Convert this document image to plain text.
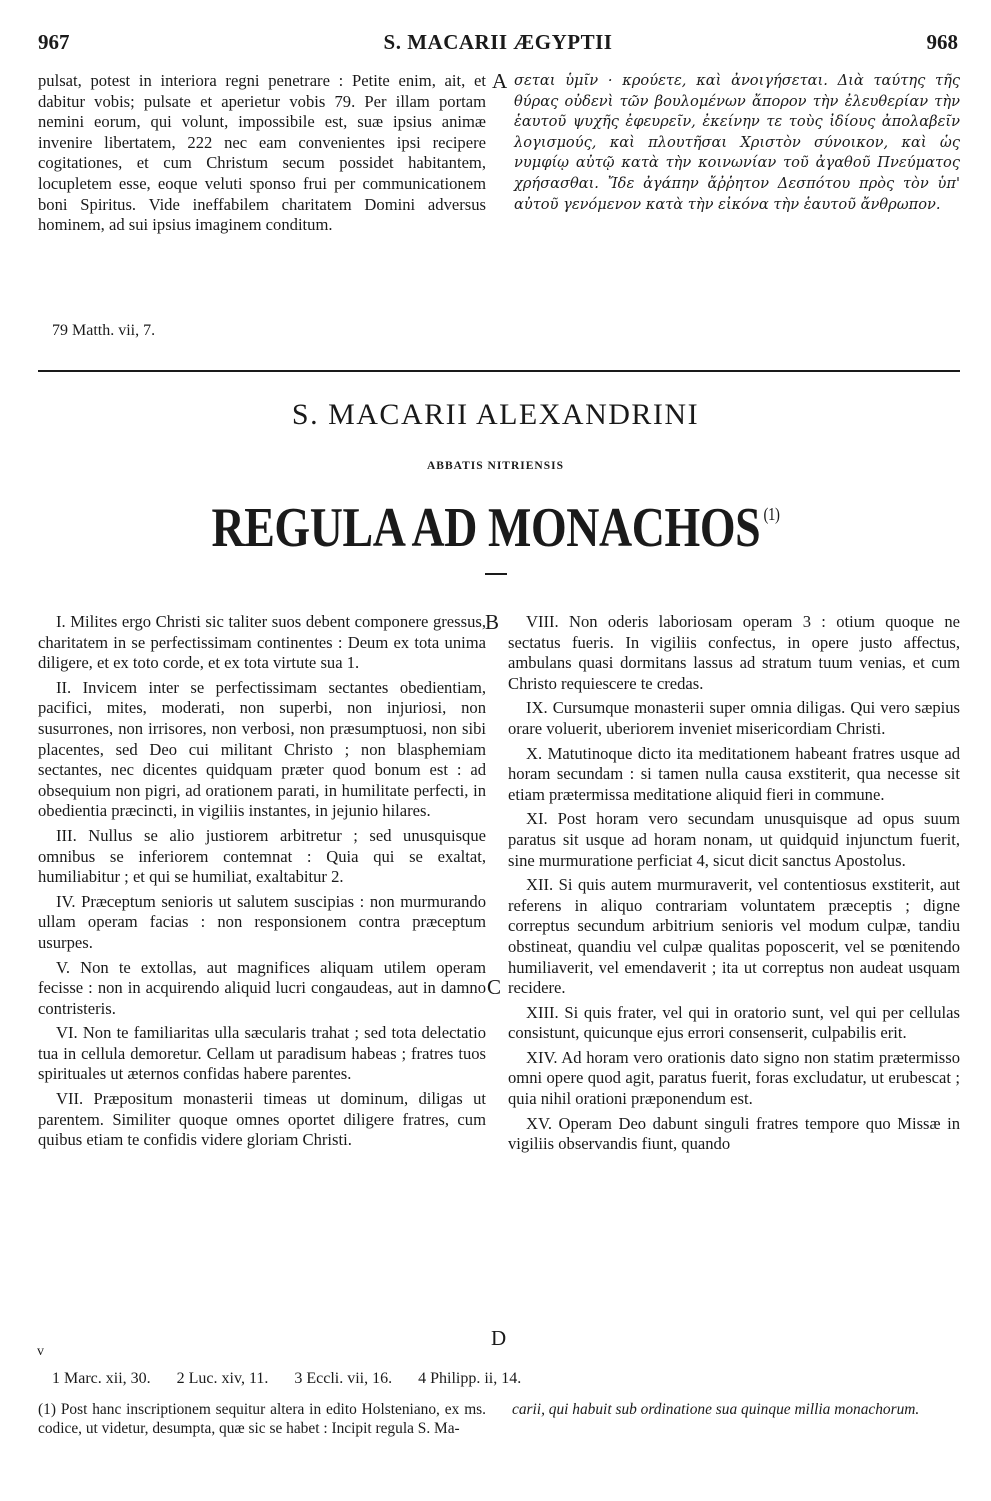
967	S. MACARII ÆGYPTII	968
A
B
C
D
v

pulsat, potest in interiora regni penetrare : Petite enim, ait, et dabitur vobis; pulsate et aperietur vobis 79. Per illam portam nemini eorum, qui volunt, impossibile est, suæ ipsius animæ invenire libertatem, 222 nec eam convenientes ipsi recipere cogitationes, et cum Christum secum possidet habitantem, locupletem esse, eoque veluti sponso frui per communicationem boni Spiritus. Vide ineffabilem charitatem Domini adversus hominem, ad sui ipsius imaginem conditum.

σεται ὑμῖν · κρούετε, καὶ ἀνοιγήσεται. Διὰ ταύτης τῆς θύρας οὐδενὶ τῶν βουλομένων ἄπορον τὴν ἐλευθερίαν τὴν ἑαυτοῦ ψυχῆς ἐφευρεῖν, ἐκείνην τε τοὺς ἰδίους ἀπολαβεῖν λογισμούς, καὶ πλουτῆσαι Χριστὸν σύνοικον, καὶ ὡς νυμφίῳ αὐτῷ κατὰ τὴν κοινωνίαν τοῦ ἀγαθοῦ Πνεύματος χρήσασθαι. Ἴδε ἀγάπην ἄῤῥητον Δεσπότου πρὸς τὸν ὑπ' αὐτοῦ γενόμενον κατὰ τὴν εἰκόνα τὴν ἑαυτοῦ ἄνθρωπον.

79 Matth. vii, 7.
S. MACARII ALEXANDRINI
ABBATIS NITRIENSIS
REGULA AD MONACHOS $^{(1)}$

I. Milites ergo Christi sic taliter suos debent componere gressus, charitatem in se perfectissimam continentes : Deum ex tota unima diligere, et ex toto corde, et ex tota virtute sua 1.

II. Invicem inter se perfectissimam sectantes obedientiam, pacifici, mites, moderati, non superbi, non injuriosi, non susurrones, non irrisores, non verbosi, non præsumptuosi, non sibi placentes, sed Deo cui militant Christo ; non blasphemiam sectantes, nec dicentes quidquam præter quod bonum est : ad obsequium non pigri, ad orationem parati, in humilitate perfecti, in obedientia præcincti, in vigiliis instantes, in jejunio hilares.

III. Nullus se alio justiorem arbitretur ; sed unusquisque omnibus se inferiorem contemnat : Quia qui se exaltat, humiliabitur ; et qui se humiliat, exaltabitur 2.

IV. Præceptum senioris ut salutem suscipias : non murmurando ullam operam facias : non responsionem contra præceptum usurpes.

V. Non te extollas, aut magnifices aliquam utilem operam fecisse : non in acquirendo aliquid lucri congaudeas, aut in damno contristeris.

VI. Non te familiaritas ulla sæcularis trahat ; sed tota delectatio tua in cellula demoretur. Cellam ut paradisum habeas ; fratres tuos spirituales ut æternos confidas habere parentes.

VII. Præpositum monasterii timeas ut dominum, diligas ut parentem. Similiter quoque omnes oportet diligere fratres, cum quibus etiam te confidis videre gloriam Christi.

VIII. Non oderis laboriosam operam 3 : otium quoque ne sectatus fueris. In vigiliis confectus, in opere justo affectus, ambulans quasi dormitans lassus ad stratum tuum venias, et cum Christo requiescere te credas.

IX. Cursumque monasterii super omnia diligas. Qui vero sæpius orare voluerit, uberiorem inveniet misericordiam Christi.

X. Matutinoque dicto ita meditationem habeant fratres usque ad horam secundam : si tamen nulla causa exstiterit, qua necesse sit etiam prætermissa meditatione aliquid fieri in commune.

XI. Post horam vero secundam unusquisque ad opus suum paratus sit usque ad horam nonam, ut quidquid injunctum fuerit, sine murmuratione perficiat 4, sicut dicit sanctus Apostolus.

XII. Si quis autem murmuraverit, vel contentiosus exstiterit, aut referens in aliquo contrariam voluntatem præceptis ; digne correptus secundum arbitrium senioris vel modum culpæ, tandiu obstineat, quandiu vel culpæ qualitas poposcerit, vel se pœnitendo humiliaverit, vel emendaverit ; ita ut correptus non audeat usquam recidere.

XIII. Si quis frater, vel qui in oratorio sunt, vel qui per cellulas consistunt, quicunque ejus errori consenserit, culpabilis erit.

XIV. Ad horam vero orationis dato signo non statim prætermisso omni opere quod agit, paratus fuerit, foras excludatur, ut erubescat ; quia nihil orationi præponendum est.

XV. Operam Deo dabunt singuli fratres tempore quo Missæ in vigiliis observandis fiunt, quando

1 Marc. xii, 30. 2 Luc. xiv, 11. 3 Eccli. vii, 16. 4 Philipp. ii, 14.

(1) Post hanc inscriptionem sequitur altera in edito Holsteniano, ex ms. codice, ut videtur, desumpta, quæ sic se habet : Incipit regula S. Ma-

carii, qui habuit sub ordinatione sua quinque millia monachorum.
